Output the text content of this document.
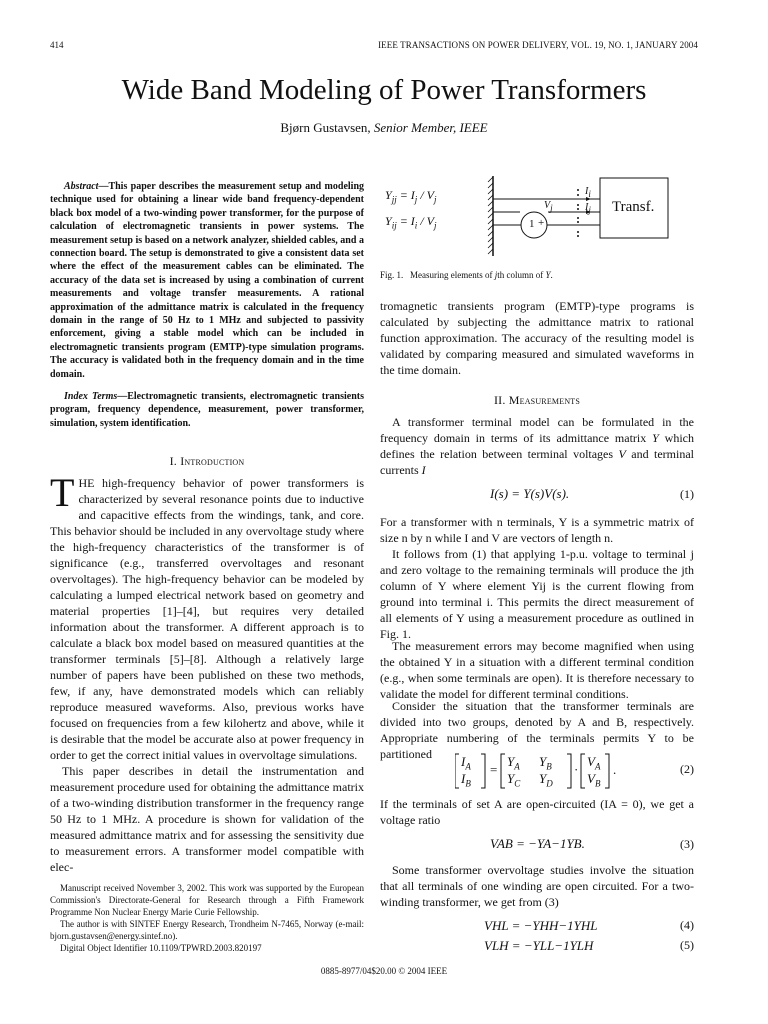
414	IEEE TRANSACTIONS ON POWER DELIVERY, VOL. 19, NO. 1, JANUARY 2004
Wide Band Modeling of Power Transformers
Bjørn Gustavsen, Senior Member, IEEE
Abstract—This paper describes the measurement setup and modeling technique used for obtaining a linear wide band frequency-dependent black box model of a two-winding power transformer, for the purpose of calculation of electromagnetic transients in power systems. The measurement setup is based on a network analyzer, shielded cables, and a connection board. The setup is demonstrated to give a consistent data set where the effect of the measurement cables can be eliminated. The accuracy of the data set is increased by using a combination of current measurements and voltage transfer measurements. A rational approximation of the admittance matrix is calculated in the frequency domain in the range of 50 Hz to 1 MHz and subjected to passivity enforcement, giving a stable model which can be included in electromagnetic transients program (EMTP)-type simulation programs. The accuracy is validated both in the frequency domain and in the time domain.
Index Terms—Electromagnetic transients, electromagnetic transients program, frequency dependence, measurement, power transformer, simulation, system identification.
I. Introduction

THE high-frequency behavior of power transformers is characterized by several resonance points due to inductive and capacitive effects from the windings, tank, and core. This behavior should be included in any overvoltage study where the high-frequency characteristics of the transformer is of significance (e.g., transferred overvoltages and resonant overvoltages). The high-frequency behavior can be modeled by calculating a lumped electrical network based on geometry and material properties [1]–[4], but requires very detailed information about the transformer. A different approach is to calculate a black box model based on measured quantities at the transformer terminals [5]–[8]. Although a relatively large number of papers have been published on these two methods, few, if any, have demonstrated models which can reliably reproduce measured waveforms. Also, previous works have focused on frequencies from a few kilohertz and above, while it is desirable that the model be accurate also at power frequency in order to get the correct initial values in overvoltage simulations.

This paper describes in detail the instrumentation and measurement procedure used for obtaining the admittance matrix of a two-winding distribution transformer in the frequency range 50 Hz to 1 MHz. A procedure is shown for validation of the measured admittance matrix and for assessing the sensitivity due to measurement errors. A transformer model compatible with elec-

Manuscript received November 3, 2002. This work was supported by the European Commission's Directorate-General for Research through a Fifth Framework Programme Non Nuclear Energy Marie Curie Fellowship.

The author is with SINTEF Energy Research, Trondheim N-7465, Norway (e-mail: bjorn.gustavsen@energy.sintef.no).

Digital Object Identifier 10.1109/TPWRD.2003.820197

$Y_{jj} = I_j / V_j$
$Y_{ij} = I_i / V_j$	1 +
$V_j$
$I_i$
$I_j$ Transf.
Fig. 1. Measuring elements of jth column of Y.
tromagnetic transients program (EMTP)-type programs is calculated by subjecting the admittance matrix to rational function approximation. The accuracy of the resulting model is validated by comparing measured and simulated waveforms in the time domain.
II. Measurements

A transformer terminal model can be formulated in the frequency domain in terms of its admittance matrix Y which defines the relation between terminal voltages V and terminal currents I

I(s) = Y(s)V(s).	(1)
For a transformer with n terminals, Y is a symmetric matrix of size n by n while I and V are vectors of length n.
It follows from (1) that applying 1-p.u. voltage to terminal j and zero voltage to the remaining terminals will produce the jth column of Y where element Yij is the current flowing from ground into terminal i. This permits the direct measurement of all elements of Y using a measurement procedure as outlined in Fig. 1.
The measurement errors may become magnified when using the obtained Y in a situation with a different terminal condition (e.g., when some terminals are open). It is therefore necessary to validate the model for different terminal conditions.
Consider the situation that the transformer terminals are divided into two groups, denoted by A and B, respectively. Appropriate numbering of the terminals permits Y to be partitioned	$I_A$
$I_B$
=
$Y_A$ $Y_B$
$Y_C$ $Y_D$
·
$V_A$
$V_B$
.	(2)
If the terminals of set A are open-circuited (IA = 0), we get a voltage ratio
VAB = −YA−1YB.	(3)
Some transformer overvoltage studies involve the situation that all terminals of one winding are open circuited. For a two-winding transformer, we get from (3)
VHL = −YHH−1YHL	(4)
VLH = −YLL−1YLH	(5)
0885-8977/04$20.00 © 2004 IEEE
